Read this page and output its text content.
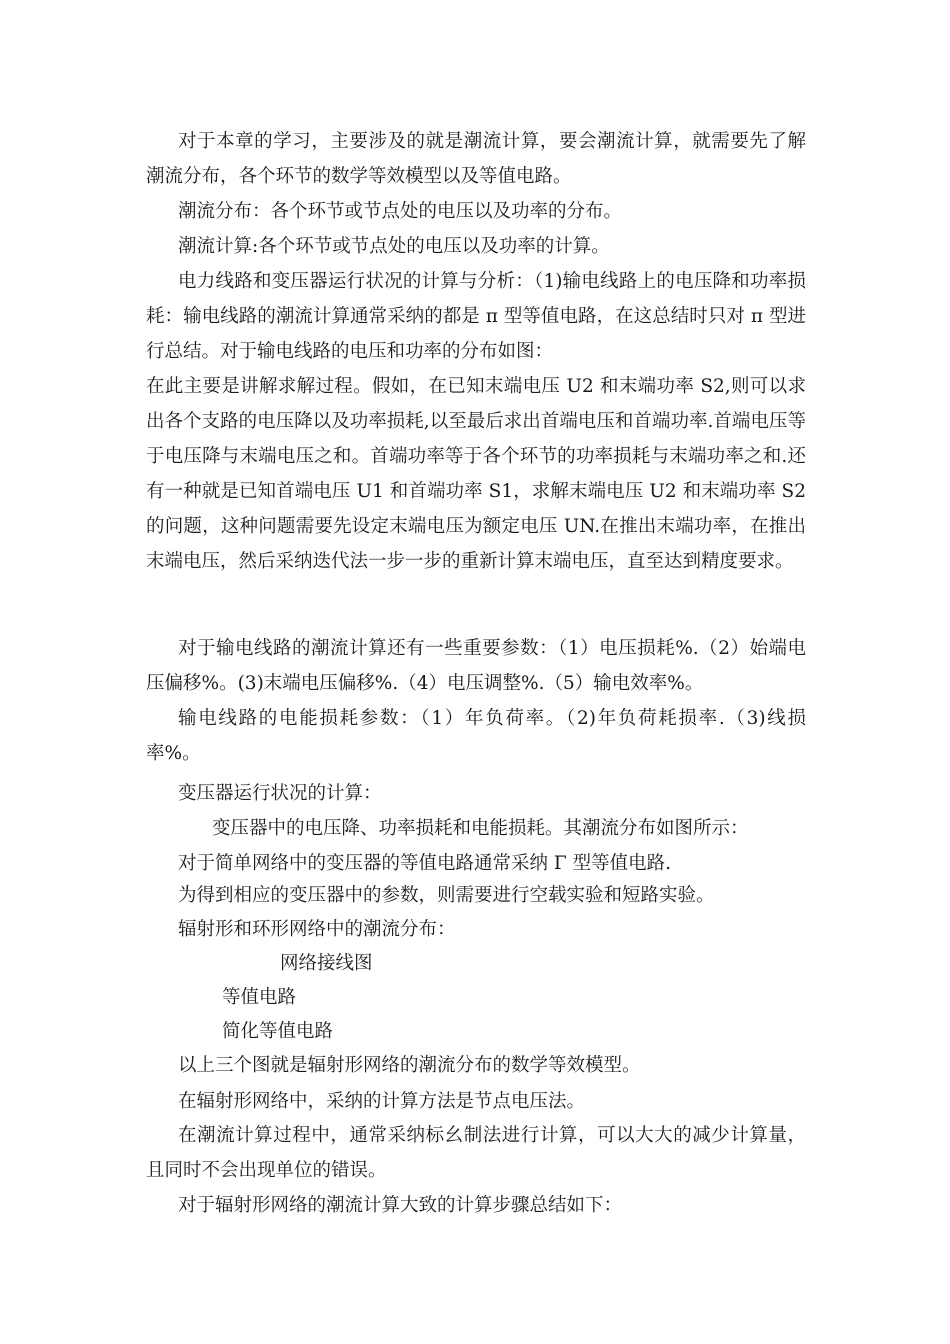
对于本章的学习，主要涉及的就是潮流计算，要会潮流计算，就需要先了解潮流分布，各个环节的数学等效模型以及等值电路。

潮流分布：各个环节或节点处的电压以及功率的分布。

潮流计算:各个环节或节点处的电压以及功率的计算。

电力线路和变压器运行状况的计算与分析：（1)输电线路上的电压降和功率损耗：输电线路的潮流计算通常采纳的都是 π 型等值电路，在这总结时只对 π 型进行总结。对于输电线路的电压和功率的分布如图：

在此主要是讲解求解过程。假如，在已知末端电压 U2 和末端功率 S2,则可以求出各个支路的电压降以及功率损耗,以至最后求出首端电压和首端功率.首端电压等于电压降与末端电压之和。首端功率等于各个环节的功率损耗与末端功率之和.还有一种就是已知首端电压 U1 和首端功率 S1，求解末端电压 U2 和末端功率 S2 的问题，这种问题需要先设定末端电压为额定电压 UN.在推出末端功率，在推出末端电压，然后采纳迭代法一步一步的重新计算末端电压，直至达到精度要求。

对于输电线路的潮流计算还有一些重要参数：（1）电压损耗%.（2）始端电压偏移%。(3)末端电压偏移%.（4）电压调整%.（5）输电效率%。

输电线路的电能损耗参数：（1）年负荷率。（2)年负荷耗损率.（3)线损率%。

变压器运行状况的计算：

变压器中的电压降、功率损耗和电能损耗。其潮流分布如图所示：

对于简单网络中的变压器的等值电路通常采纳 Γ 型等值电路.

为得到相应的变压器中的参数，则需要进行空载实验和短路实验。

辐射形和环形网络中的潮流分布：

网络接线图

等值电路

简化等值电路

以上三个图就是辐射形网络的潮流分布的数学等效模型。

在辐射形网络中，采纳的计算方法是节点电压法。

在潮流计算过程中，通常采纳标幺制法进行计算，可以大大的减少计算量，且同时不会出现单位的错误。

对于辐射形网络的潮流计算大致的计算步骤总结如下：
